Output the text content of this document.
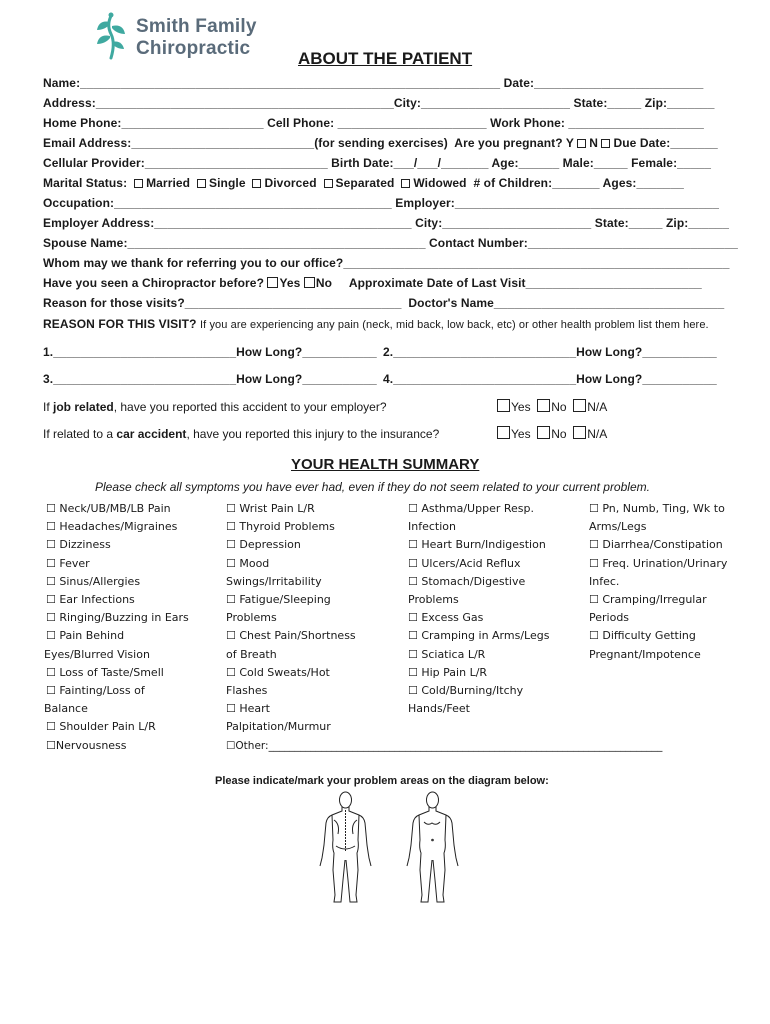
Smith Family
Chiropractic	ABOUT THE PATIENT
Name:______________________________________________________________ Date:_________________________
Address:____________________________________________City:______________________ State:_____ Zip:_______
Home Phone:_____________________ Cell Phone: ______________________ Work Phone: ____________________
Email Address:___________________________(for sending exercises)  Are you pregnant? Y N Due Date:_______
Cellular Provider:___________________________ Birth Date:___/___/_______ Age:______ Male:_____ Female:_____
Marital Status: Married Single Divorced Separated Widowed # of Children:_______ Ages:_______
Occupation:_________________________________________ Employer:_______________________________________
Employer Address:______________________________________ City:______________________ State:_____ Zip:______
Spouse Name:____________________________________________ Contact Number:_______________________________
Whom may we thank for referring you to our office?_________________________________________________________
Have you seen a Chiropractor before? Yes No Approximate Date of Last Visit__________________________
Reason for those visits?________________________________  Doctor's Name__________________________________
REASON FOR THIS VISIT? If you are experiencing any pain (neck, mid back, low back, etc) or other health problem list them here.
1.___________________________How Long?___________ 2.___________________________How Long?___________
3.___________________________How Long?___________ 4.___________________________How Long?___________
If job related, have you reported this accident to your employer?	Yes No N/A
If related to a car accident, have you reported this injury to the insurance?	Yes No N/A
YOUR HEALTH SUMMARY
Please check all symptoms you have ever had, even if they do not seem related to your current problem.
☐ Neck/UB/MB/LB Pain
☐ Headaches/Migraines
☐ Dizziness
☐ Fever
☐ Sinus/Allergies
☐ Ear Infections
☐ Ringing/Buzzing in Ears
☐ Pain Behind
Eyes/Blurred Vision
☐ Loss of Taste/Smell
☐ Fainting/Loss of
Balance
☐ Shoulder Pain L/R
☐Nervousness
☐ Wrist Pain L/R
☐ Thyroid Problems
☐ Depression
☐ Mood
Swings/Irritability
☐ Fatigue/Sleeping
Problems
☐ Chest Pain/Shortness
of Breath
☐ Cold Sweats/Hot
Flashes
☐ Heart
Palpitation/Murmur
☐Other:___________________________________________________________________________
☐ Asthma/Upper Resp.
Infection
☐ Heart Burn/Indigestion
☐ Ulcers/Acid Reflux
☐ Stomach/Digestive
Problems
☐ Excess Gas
☐ Cramping in Arms/Legs
☐ Sciatica L/R
☐ Hip Pain L/R
☐ Cold/Burning/Itchy
Hands/Feet
☐ Pn, Numb, Ting, Wk to
Arms/Legs
☐ Diarrhea/Constipation
☐ Freq. Urination/Urinary
Infec.
☐ Cramping/Irregular
Periods
☐ Difficulty Getting
Pregnant/Impotence
Please indicate/mark your problem areas on the diagram below:
